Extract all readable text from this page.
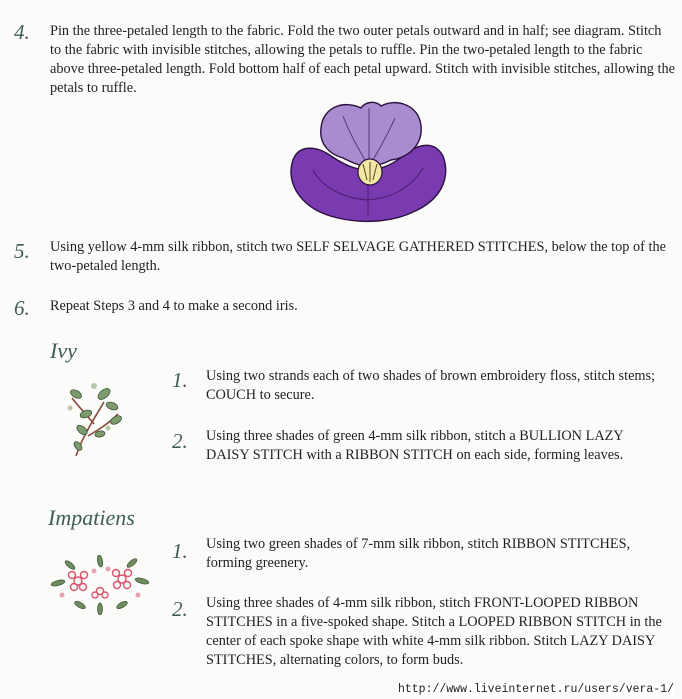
4. Pin the three-petaled length to the fabric. Fold the two outer petals outward and in half; see diagram. Stitch to the fabric with invisible stitches, allowing the petals to ruffle. Pin the two-petaled length to the fabric above three-petaled length. Fold bottom half of each petal upward. Stitch with invisible stitches, allowing the petals to ruffle.

5. Using yellow 4-mm silk ribbon, stitch two SELF SELVAGE GATHERED STITCHES, below the top of the two-petaled length.

6. Repeat Steps 3 and 4 to make a second iris.

Ivy
1. Using two strands each of two shades of brown embroidery floss, stitch stems; COUCH to secure.

2. Using three shades of green 4-mm silk ribbon, stitch a BULLION LAZY DAISY STITCH with a RIBBON STITCH on each side, forming leaves.

Impatiens
1. Using two green shades of 7-mm silk ribbon, stitch RIBBON STITCHES, forming greenery.

2. Using three shades of 4-mm silk ribbon, stitch FRONT-LOOPED RIBBON STITCHES in a five-spoked shape. Stitch a LOOPED RIBBON STITCH in the center of each spoke shape with white 4-mm silk ribbon. Stitch LAZY DAISY STITCHES, alternating colors, to form buds.

http://www.liveinternet.ru/users/vera-1/
